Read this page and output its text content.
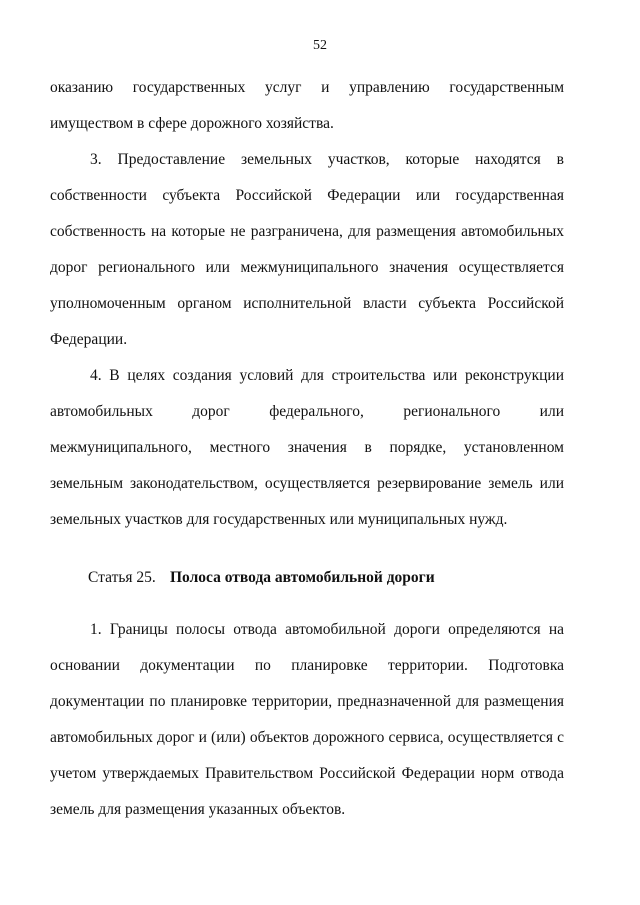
52

оказанию государственных услуг и управлению государственным имуществом в сфере дорожного хозяйства.

3. Предоставление земельных участков, которые находятся в собственности субъекта Российской Федерации или государственная собственность на которые не разграничена, для размещения автомобильных дорог регионального или межмуниципального значения осуществляется уполномоченным органом исполнительной власти субъекта Российской Федерации.

4. В целях создания условий для строительства или реконструкции автомобильных дорог федерального, регионального или межмуниципального, местного значения в порядке, установленном земельным законодательством, осуществляется резервирование земель или земельных участков для государственных или муниципальных нужд.

Статья 25. Полоса отвода автомобильной дороги

1. Границы полосы отвода автомобильной дороги определяются на основании документации по планировке территории. Подготовка документации по планировке территории, предназначенной для размещения автомобильных дорог и (или) объектов дорожного сервиса, осуществляется с учетом утверждаемых Правительством Российской Федерации норм отвода земель для размещения указанных объектов.
